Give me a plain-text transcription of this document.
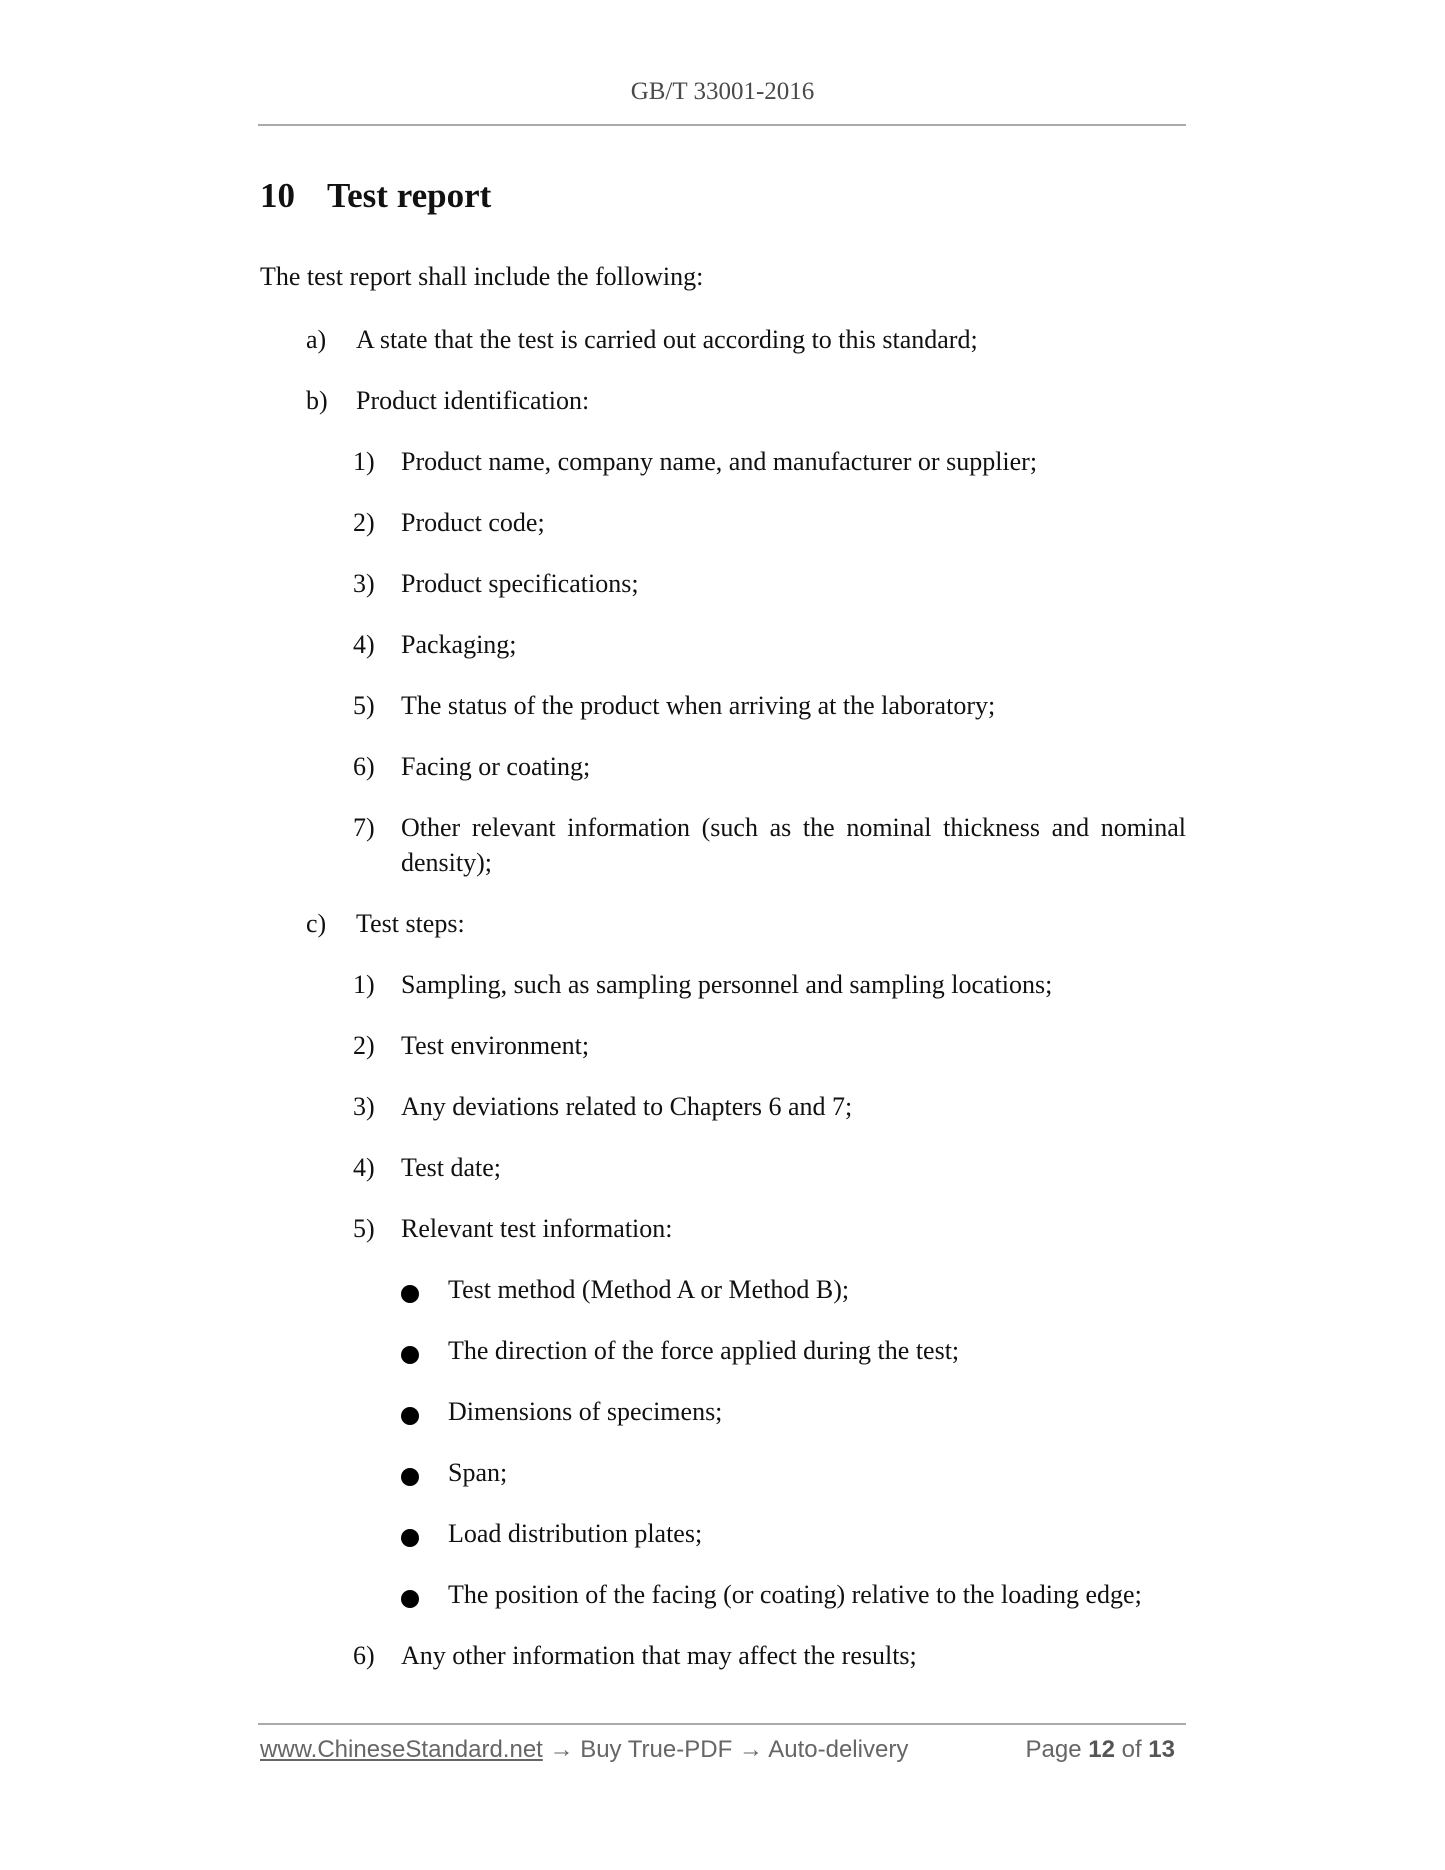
GB/T 33001-2016
10 Test report
The test report shall include the following:
a) A state that the test is carried out according to this standard;
b) Product identification:
1) Product name, company name, and manufacturer or supplier;
2) Product code;
3) Product specifications;
4) Packaging;
5) The status of the product when arriving at the laboratory;
6) Facing or coating;
7) Other relevant information (such as the nominal thickness and nominal
density);
c) Test steps:
1) Sampling, such as sampling personnel and sampling locations;
2) Test environment;
3) Any deviations related to Chapters 6 and 7;
4) Test date;
5) Relevant test information:
Test method (Method A or Method B);
The direction of the force applied during the test;
Dimensions of specimens;
Span;
Load distribution plates;
The position of the facing (or coating) relative to the loading edge;
6) Any other information that may affect the results;
www.ChineseStandard.net → Buy True-PDF → Auto-delivery	Page 12 of 13
